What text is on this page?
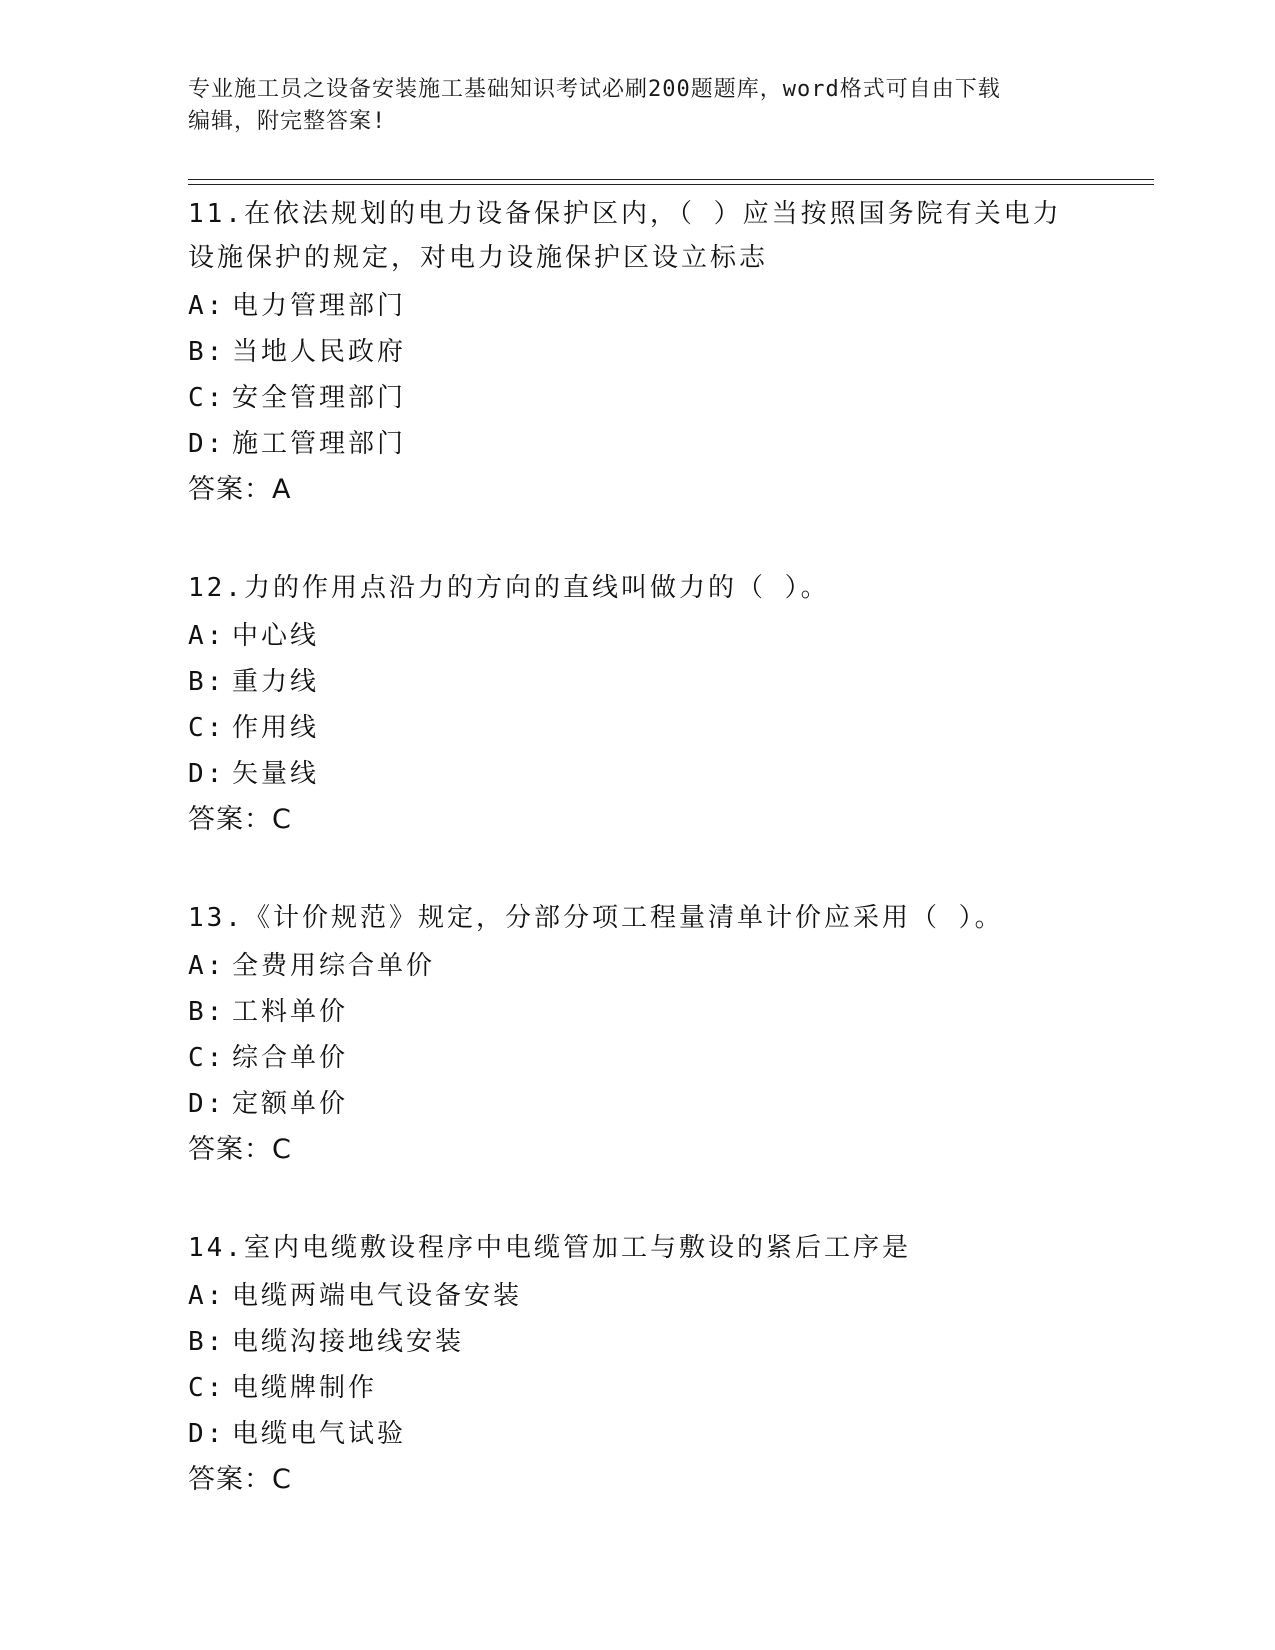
专业施工员之设备安装施工基础知识考试必刷200题题库，word格式可自由下载
编辑，附完整答案!
11.在依法规划的电力设备保护区内，（ ）应当按照国务院有关电力设施保护的规定，对电力设施保护区设立标志
A: 电力管理部门
B: 当地人民政府
C: 安全管理部门
D: 施工管理部门
答案：A
12.力的作用点沿力的方向的直线叫做力的（ ）。
A: 中心线
B: 重力线
C: 作用线
D: 矢量线
答案：C
13.《计价规范》规定，分部分项工程量清单计价应采用（ ）。
A: 全费用综合单价
B: 工料单价
C: 综合单价
D: 定额单价
答案：C
14.室内电缆敷设程序中电缆管加工与敷设的紧后工序是
A: 电缆两端电气设备安装
B: 电缆沟接地线安装
C: 电缆牌制作
D: 电缆电气试验
答案：C
